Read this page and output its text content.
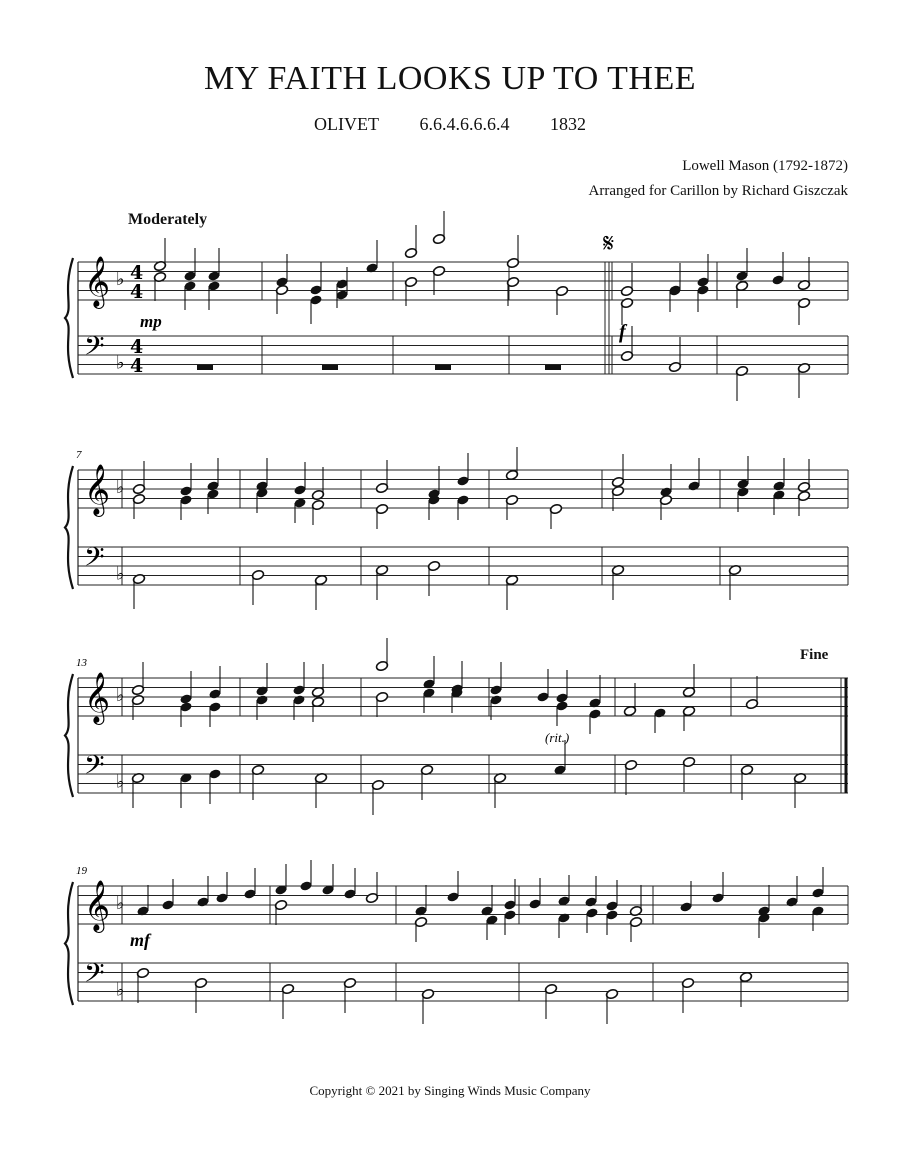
MY FAITH LOOKS UP TO THEE
OLIVET 6.6.4.6.6.6.4 1832
Lowell Mason (1792-1872)
Arranged for Carillon by Richard Giszczak
Moderately
Fine
Copyright © 2021 by Singing Winds Music Company
𝄞
𝄢
♭
♭
4
4
4
4
𝄞
𝄢
♭
♭
7
𝄞
𝄢
♭
♭
13
𝄞
𝄢
♭
♭
19
𝄋
mp	f
(rit.)
mf
